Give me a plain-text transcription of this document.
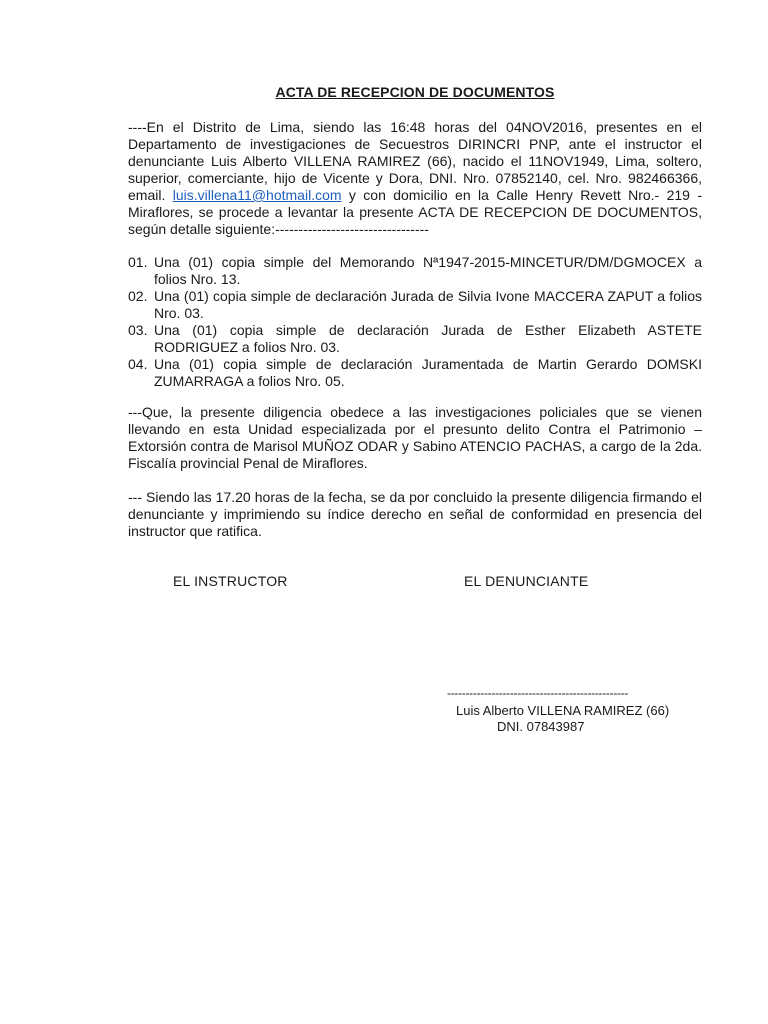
ACTA DE RECEPCION DE DOCUMENTOS

----En el Distrito de Lima, siendo las 16:48 horas del 04NOV2016, presentes en el Departamento de investigaciones de Secuestros DIRINCRI PNP, ante el instructor el denunciante Luis Alberto VILLENA RAMIREZ (66), nacido el 11NOV1949, Lima, soltero, superior, comerciante, hijo de Vicente y Dora, DNI. Nro. 07852140, cel. Nro. 982466366, email. luis.villena11@hotmail.com y con domicilio en la Calle Henry Revett Nro.- 219 - Miraflores, se procede a levantar la presente ACTA DE RECEPCION DE DOCUMENTOS, según detalle siguiente:---------------------------------

01. Una (01) copia simple del Memorando Nª1947-2015-MINCETUR/DM/DGMOCEX a folios Nro. 13.
02. Una (01) copia simple de declaración Jurada de Silvia Ivone MACCERA ZAPUT a folios Nro. 03.
03. Una (01) copia simple de declaración Jurada de Esther Elizabeth ASTETE RODRIGUEZ a folios Nro. 03.
04. Una (01) copia simple de declaración Juramentada de Martin Gerardo DOMSKI ZUMARRAGA a folios Nro. 05.

---Que, la presente diligencia obedece a las investigaciones policiales que se vienen llevando en esta Unidad especializada por el presunto delito Contra el Patrimonio – Extorsión contra de Marisol MUÑOZ ODAR y Sabino ATENCIO PACHAS, a cargo de la 2da. Fiscalía provincial Penal de Miraflores.

--- Siendo las 17.20 horas de la fecha, se da por concluido la presente diligencia firmando el denunciante y imprimiendo su índice derecho en señal de conformidad en presencia del instructor que ratifica.

EL INSTRUCTOR	EL DENUNCIANTE
-------------------------------------------------
Luis Alberto VILLENA RAMIREZ (66)
DNI. 07843987
